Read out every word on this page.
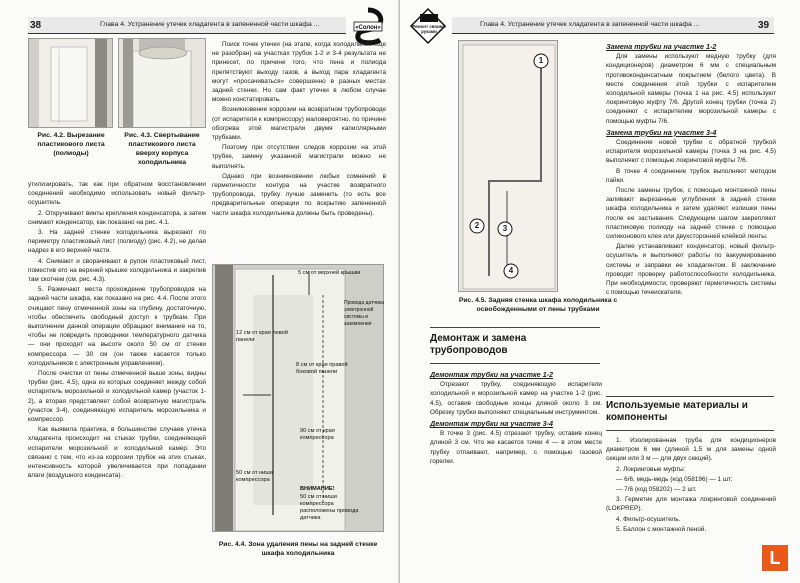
38	Глава 4. Устранение утечек хладагента в запененной части шкафа ...	«Солон»
Рис. 4.2. Вырезание пластикового листа (полиоды)
Рис. 4.3. Свертывание пластикового листа вверху корпуса холодильника

утилизировать, так как при обратном восстановлении соединений необходимо использовать новый фильтр-осушитель.

2. Откручивают винты крепления конденсатора, а затем снимают конденсатор, как показано на рис. 4.1.

3. На задней стенке холодильника вырезают по периметру пластиковый лист (полиоду) (рис. 4.2), не делая надрез в его верхней части.

4. Снимают и сворачивают в рулон пластиковый лист, поместив его на верхней крышке холодильника и закрепив там скотчем (см. рис. 4.3).

5. Размечают места прохождение трубопроводов на задней части шкафа, как показано на рис. 4.4. После этого счищают пену отмеченной зоны на глубину, достаточную, чтобы обеспечить свободный доступ к трубкам. При выполнении данной операции обращают внимание на то, чтобы не повредить проводники температурного датчика — они проходят на высоте около 50 см от стенки компрессора — 30 см (он также касается только холодильников с электронным управлением).

После очистки от пены отмеченной выше зоны, видны трубки (рис. 4.5), одна из которых соединяет между собой испаритель морозильной и холодильной камер (участок 1-2), а вторая представляет собой возвратную магистраль (участок 3-4), соединяющую испаритель морозильника и компрессор.

Как выявила практика, в большинстве случаев утечка хладагента происходит на стыках трубки, соединяющей испарители морозильной и холодильной камер. Это связано с тем, что из-за коррозии трубок на этих стыках, интенсивность которой увеличивается при попадании влаги (воздушного конденсата).

Поиск точек утечки (на этапе, когда холодильник еще не разобран) на участках трубок 1-2 и 3-4 результата не принесет, по причине того, что пена и полиода препятствуют выходу газов, а выход пара хладагента могут «просачиваться» совершенно в разных местах задней стенки. Но сам факт утечки в любом случае можно констатировать.

Возникновение коррозии на возвратном трубопроводе (от испарителя к компрессору) маловероятно, по причине обогрева этой магистрали двумя капиллярными трубками.

Поэтому при отсутствии следов коррозии на этой трубке, замену указанной магистрали можно не выполнять.

Однако при возникновении любых сомнений в герметичности контура на участке возвратного трубопровода, трубку лучше заменить (то есть все предварительные операции по вскрытию запененной части шкафа холодильника должны быть проведены).

5 см от верхней крышки
12 см от края левой панели
8 см от края правой боковой панели
90 см от края компрессора
50 см от ниши компрессора
ВНИМАНИЕ!
50 см от ниши компрессора расположены провода датчика
Провода датчика электронной системы и заземления
Рис. 4.4. Зона удаления пены на задней стенке шкафа холодильника
Ремонт своими руками
Глава 4. Устранение утечек хладагента в запененной части шкафа ...	39
1
2	3
4
Рис. 4.5. Задняя стенка шкафа холодильника с освобожденными от пены трубками
Демонтаж и замена трубопроводов

Демонтаж трубки на участке 1-2

Отрезают трубку, соединяющую испарители холодильной и морозильной камер на участке 1-2 (рис. 4.5), оставив свободные концы длиной около 3 см. Обрезку трубки выполняют специальным инструментом.

Демонтаж трубки на участке 3-4

В точке 3 (рис. 4.5) отрезают трубку, оставив конец длиной 3 см. Что же касается точки 4 — в этом месте трубку отпаивают, например, с помощью газовой горелки.

Замена трубки на участке 1-2

Для замены используют медную трубку (для кондиционеров) диаметром 6 мм с специальным противоконденсатным покрытием (белого цвета). В месте соединения этой трубки с испарителем холодильной камеры (точка 1 на рис. 4.5) используют локринговую муфту 7/6. Другой конец трубки (точка 2) соединяют с испарителем морозильной камеры с помощью муфты 7/6.

Замена трубки на участке 3-4

Соединение новой трубки с обратной трубкой испарителя морозильной камеры (точка 3 на рис. 4.5) выполняют с помощью локринговой муфты 7/6.

В точке 4 соединение трубок выполняют методом пайки.

После замены трубок, с помощью монтажной пены заливают вырезанные углубления в задней стенке шкафа холодильника и затем удаляют излишки пены после ее застывания. Следующим шагом закрепляют пластиковую полиоду на задней стенке с помощью силиконового клея или двухсторонней клейкой ленты.

Далее устанавливают конденсатор, новый фильтр-осушитель и выполняют работы по вакуумированию системы и заправки ее хладагентом. В заключение проводят проверку работоспособности холодильника. При необходимости, проверяют герметичность системы с помощью течеискателя.

Используемые материалы и компоненты

1. Изолированная труба для кондиционеров диаметром 6 мм (длиной 1,5 м для замены одной секции или 3 м — для двух секций).

2. Локринговые муфты:

— 6/6, медь-медь (код 058196) — 1 шт;

— 7/6 (код 058202) — 2 шт.

3. Герметик для монтажа локринговой соединений (LOKPREP).

4. Фильтр-осушитель.

5. Баллон с монтажной пеной.

L
